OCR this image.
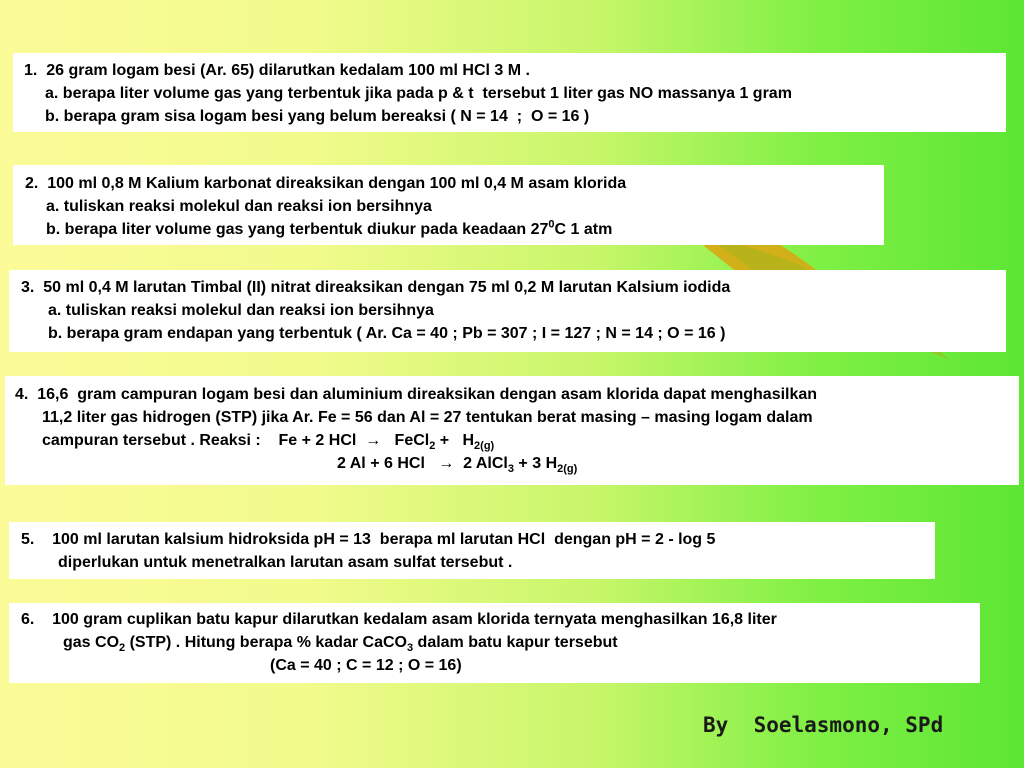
1.  26 gram logam besi (Ar. 65) dilarutkan kedalam 100 ml HCl 3 M .
a. berapa liter volume gas yang terbentuk jika pada p & t  tersebut 1 liter gas NO massanya 1 gram
b. berapa gram sisa logam besi yang belum bereaksi ( N = 14  ;  O = 16 )
2.  100 ml 0,8 M Kalium karbonat direaksikan dengan 100 ml 0,4 M asam klorida
a. tuliskan reaksi molekul dan reaksi ion bersihnya
b. berapa liter volume gas yang terbentuk diukur pada keadaan $27^0C$ 1 atm
3.  50 ml 0,4 M larutan Timbal (II) nitrat direaksikan dengan 75 ml 0,2 M larutan Kalsium iodida
a. tuliskan reaksi molekul dan reaksi ion bersihnya
b. berapa gram endapan yang terbentuk ( Ar. Ca = 40 ; Pb = 307 ; I = 127 ; N = 14 ; O = 16 )
4.  16,6  gram campuran logam besi dan aluminium direaksikan dengan asam klorida dapat menghasilkan
11,2 liter gas hidrogen (STP) jika Ar. Fe = 56 dan Al = 27 tentukan berat masing – masing logam dalam
campuran tersebut . Reaksi :    Fe + 2 HCl  →   FeCl$_2$ +   $H_{2(g)}$
2 Al + 6 HCl   →  2 AlCl$_3$ + 3 $H_{2(g)}$
5.    100 ml larutan kalsium hidroksida pH = 13  berapa ml larutan HCl  dengan pH = 2 - log 5
diperlukan untuk menetralkan larutan asam sulfat tersebut .
6.    100 gram cuplikan batu kapur dilarutkan kedalam asam klorida ternyata menghasilkan 16,8 liter
gas $CO_2$ (STP) . Hitung berapa % kadar CaCO$_3$ dalam batu kapur tersebut
(Ca = 40 ; C = 12 ; O = 16)
By  Soelasmono, SPd
